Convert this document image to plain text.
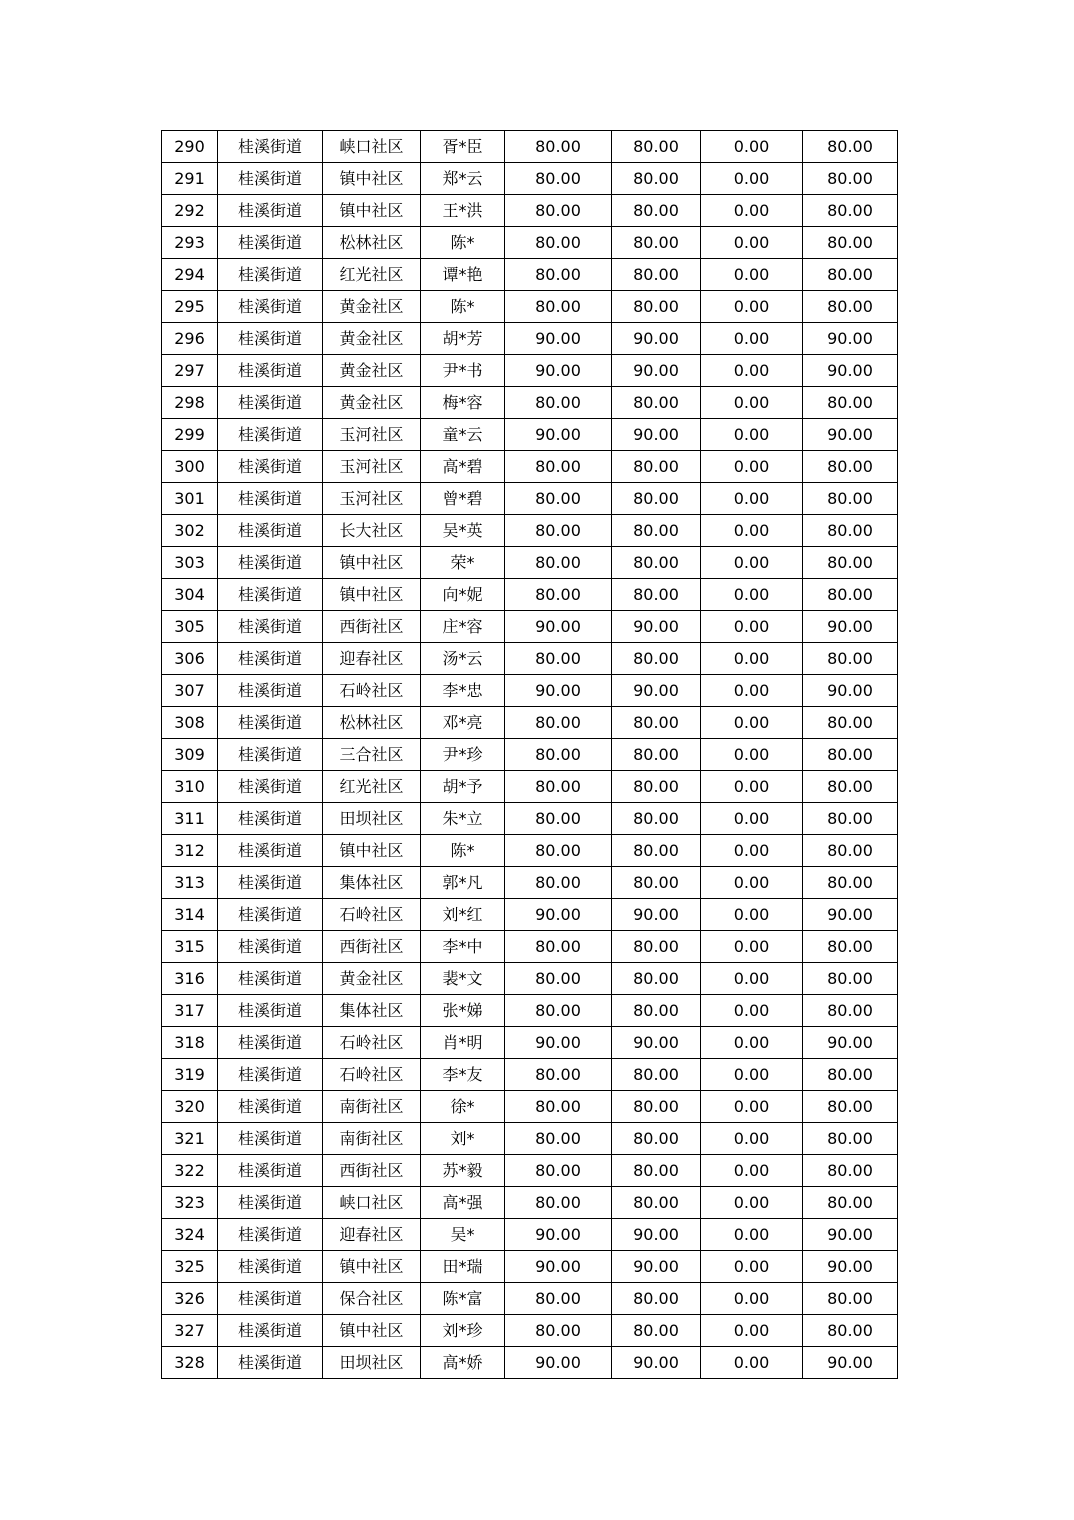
290	桂溪街道	峡口社区	胥*臣	80.00	80.00	0.00	80.00
291	桂溪街道	镇中社区	郑*云	80.00	80.00	0.00	80.00
292	桂溪街道	镇中社区	王*洪	80.00	80.00	0.00	80.00
293	桂溪街道	松林社区	陈*	80.00	80.00	0.00	80.00
294	桂溪街道	红光社区	谭*艳	80.00	80.00	0.00	80.00
295	桂溪街道	黄金社区	陈*	80.00	80.00	0.00	80.00
296	桂溪街道	黄金社区	胡*芳	90.00	90.00	0.00	90.00
297	桂溪街道	黄金社区	尹*书	90.00	90.00	0.00	90.00
298	桂溪街道	黄金社区	梅*容	80.00	80.00	0.00	80.00
299	桂溪街道	玉河社区	童*云	90.00	90.00	0.00	90.00
300	桂溪街道	玉河社区	高*碧	80.00	80.00	0.00	80.00
301	桂溪街道	玉河社区	曾*碧	80.00	80.00	0.00	80.00
302	桂溪街道	长大社区	吴*英	80.00	80.00	0.00	80.00
303	桂溪街道	镇中社区	荣*	80.00	80.00	0.00	80.00
304	桂溪街道	镇中社区	向*妮	80.00	80.00	0.00	80.00
305	桂溪街道	西街社区	庄*容	90.00	90.00	0.00	90.00
306	桂溪街道	迎春社区	汤*云	80.00	80.00	0.00	80.00
307	桂溪街道	石岭社区	李*忠	90.00	90.00	0.00	90.00
308	桂溪街道	松林社区	邓*亮	80.00	80.00	0.00	80.00
309	桂溪街道	三合社区	尹*珍	80.00	80.00	0.00	80.00
310	桂溪街道	红光社区	胡*予	80.00	80.00	0.00	80.00
311	桂溪街道	田坝社区	朱*立	80.00	80.00	0.00	80.00
312	桂溪街道	镇中社区	陈*	80.00	80.00	0.00	80.00
313	桂溪街道	集体社区	郭*凡	80.00	80.00	0.00	80.00
314	桂溪街道	石岭社区	刘*红	90.00	90.00	0.00	90.00
315	桂溪街道	西街社区	李*中	80.00	80.00	0.00	80.00
316	桂溪街道	黄金社区	裴*文	80.00	80.00	0.00	80.00
317	桂溪街道	集体社区	张*娣	80.00	80.00	0.00	80.00
318	桂溪街道	石岭社区	肖*明	90.00	90.00	0.00	90.00
319	桂溪街道	石岭社区	李*友	80.00	80.00	0.00	80.00
320	桂溪街道	南街社区	徐*	80.00	80.00	0.00	80.00
321	桂溪街道	南街社区	刘*	80.00	80.00	0.00	80.00
322	桂溪街道	西街社区	苏*毅	80.00	80.00	0.00	80.00
323	桂溪街道	峡口社区	高*强	80.00	80.00	0.00	80.00
324	桂溪街道	迎春社区	吴*	90.00	90.00	0.00	90.00
325	桂溪街道	镇中社区	田*瑞	90.00	90.00	0.00	90.00
326	桂溪街道	保合社区	陈*富	80.00	80.00	0.00	80.00
327	桂溪街道	镇中社区	刘*珍	80.00	80.00	0.00	80.00
328	桂溪街道	田坝社区	高*娇	90.00	90.00	0.00	90.00
